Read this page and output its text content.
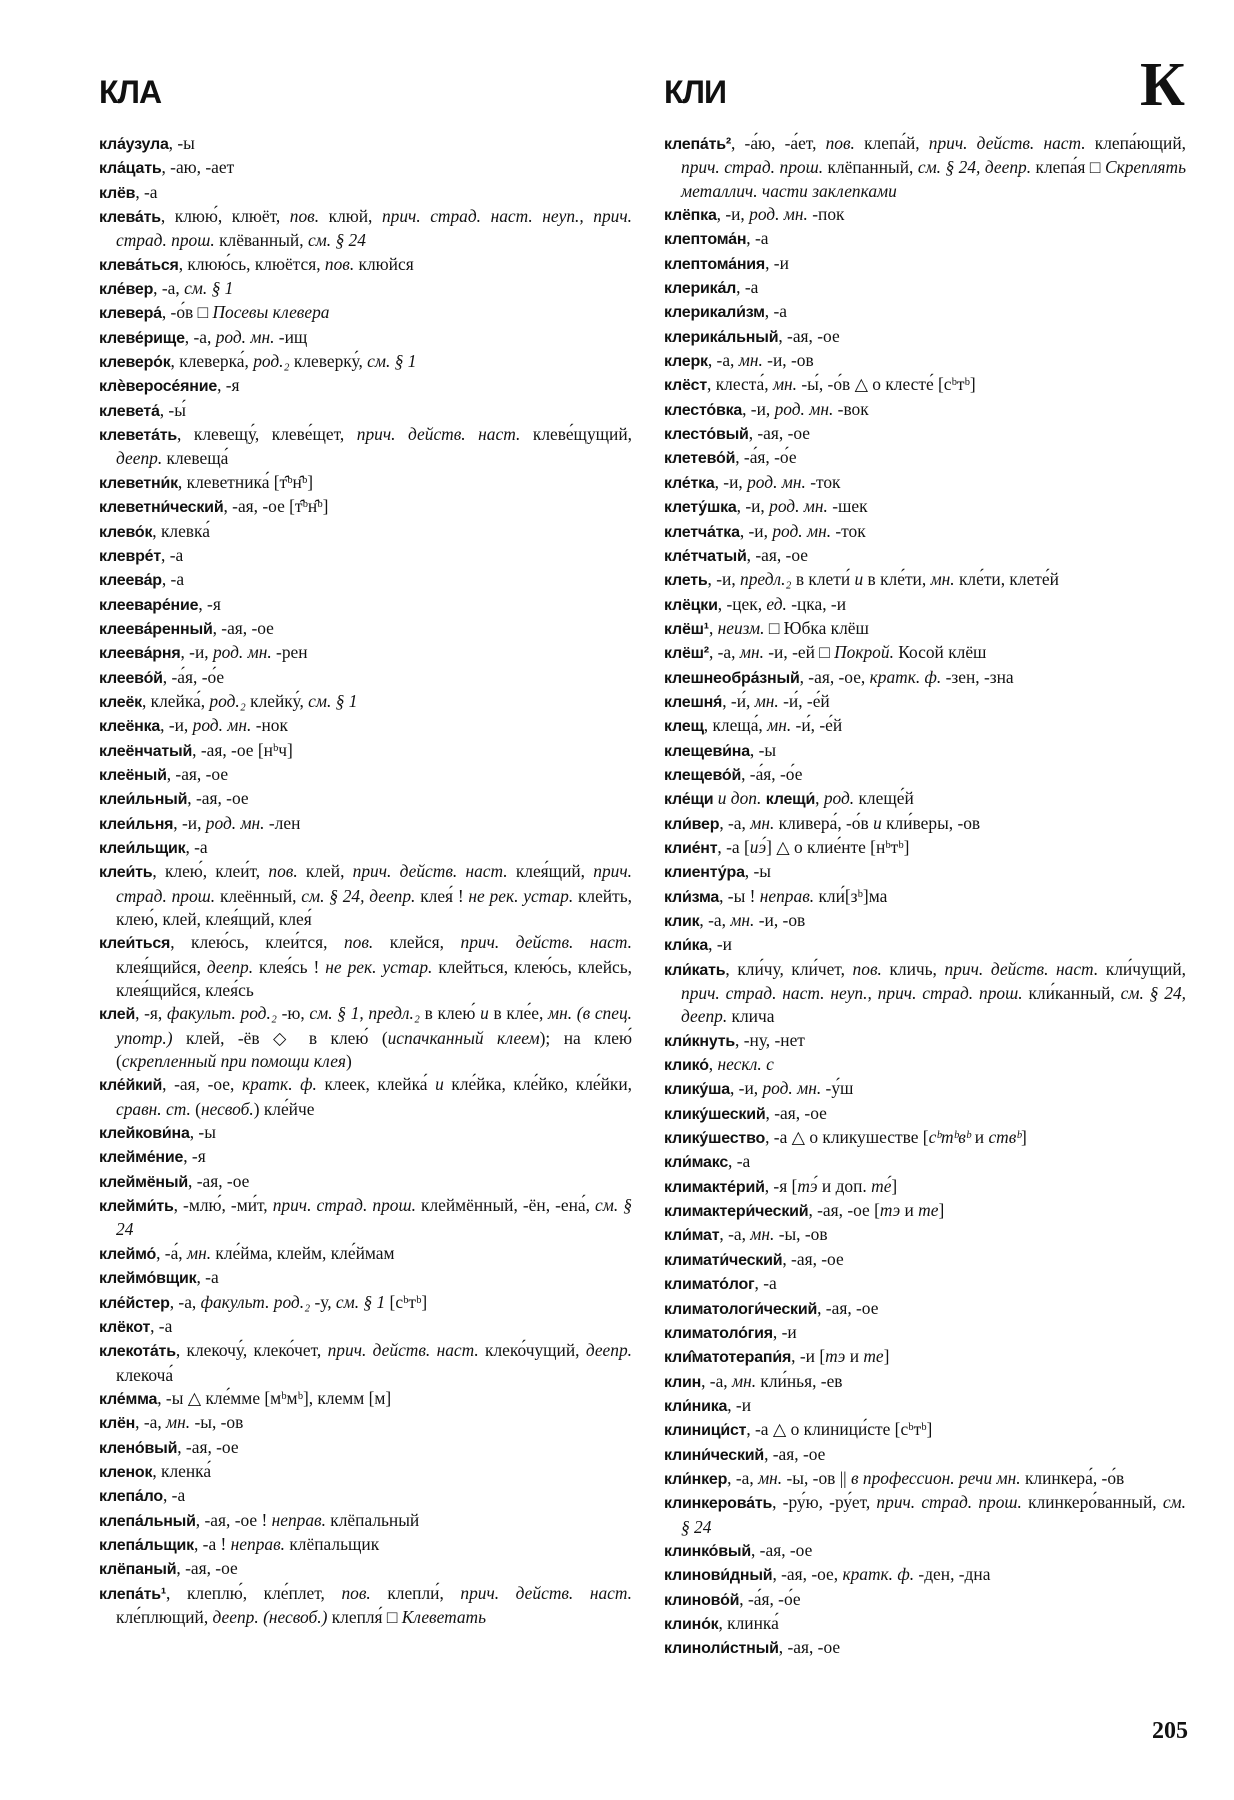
КЛА	КЛИ	К

кла́узула, -ы

кла́цать, -аю, -ает

клёв, -а

клева́ть, клюю́, клюёт, пов. клюй, прич. страд. наст. неуп., прич. страд. прош. клёванный, см. § 24

клева́ться, клюю́сь, клюётся, пов. клюйся

кле́вер, -а, см. § 1

клевера́, -о́в □ Посевы клевера

клеве́рище, -а, род. мн. -ищ

клеверо́к, клеверка́, род.₂ клеверку́, см. § 1

клѐверосе́яние, -я

клевета́, -ы́

клевета́ть, клевещу́, клеве́щет, прич. действ. наст. клеве́щущий, деепр. клевеща́

клеветни́к, клеветника́ [т̑ᵇн̑ᵇ]

клеветни́ческий, -ая, -ое [т̑ᵇн̑ᵇ]

клево́к, клевка́

клевре́т, -а

клеева́р, -а

клееваре́ние, -я

клеева́ренный, -ая, -ое

клеева́рня, -и, род. мн. -рен

клеево́й, -а́я, -о́е

клеёк, клейка́, род.₂ клейку́, см. § 1

клеёнка, -и, род. мн. -нок

клеёнчатый, -ая, -ое [нᵇч]

клеёный, -ая, -ое

клеи́льный, -ая, -ое

клеи́льня, -и, род. мн. -лен

клеи́льщик, -а

клеи́ть, клею́, клеи́т, пов. клей, прич. действ. наст. клея́щий, прич. страд. прош. клеённый, см. § 24, деепр. клея́ ! не рек. устар. клейть, клею́, клей, клея́щий, клея́

клеи́ться, клею́сь, клеи́тся, пов. клейся, прич. действ. наст. клея́щийся, деепр. клея́сь ! не рек. устар. клейться, клею́сь, клейсь, клея́щийся, клея́сь

клей, -я, факульт. род.₂ -ю, см. § 1, предл.₂ в клею́ и в кле́е, мн. (в спец. употр.) клей, -ёв ◇ в клею́ (испачканный клеем); на клею́ (скрепленный при помощи клея)

кле́йкий, -ая, -ое, кратк. ф. клеек, клейка́ и кле́йка, кле́йко, кле́йки, сравн. ст. (несвоб.) кле́йче

клейкови́на, -ы

клейме́ние, -я

клеймёный, -ая, -ое

клейми́ть, -млю́, -ми́т, прич. страд. прош. клеймённый, -ён, -ена́, см. § 24

клеймо́, -а́, мн. кле́йма, клейм, кле́ймам

клеймо́вщик, -а

кле́йстер, -а, факульт. род.₂ -у, см. § 1 [cᵇтᵇ]

клёкот, -а

клекота́ть, клекочу́, клеко́чет, прич. действ. наст. клеко́чущий, деепр. клекоча́

кле́мма, -ы △ кле́мме [мᵇмᵇ], клемм [м]

клён, -а, мн. -ы, -ов

клено́вый, -ая, -ое

кленок, кленка́

клепа́ло, -а

клепа́льный, -ая, -ое ! неправ. клёпальный

клепа́льщик, -а ! неправ. клёпальщик

клёпаный, -ая, -ое

клепа́ть¹, клеплю́, кле́плет, пов. клепли́, прич. действ. наст. кле́плющий, деепр. (несвоб.) клепля́ □ Клеветать

клепа́ть², -а́ю, -а́ет, пов. клепа́й, прич. действ. наст. клепа́ющий, прич. страд. прош. клёпанный, см. § 24, деепр. клепа́я □ Скреплять металлич. части заклепками

клёпка, -и, род. мн. -пок

клептома́н, -а

клептома́ния, -и

клерика́л, -а

клерикали́зм, -а

клерика́льный, -ая, -ое

клерк, -а, мн. -и, -ов

клёст, клеста́, мн. -ы́, -о́в △ о клесте́ [cᵇтᵇ]

клесто́вка, -и, род. мн. -вок

клесто́вый, -ая, -ое

клетево́й, -а́я, -о́е

кле́тка, -и, род. мн. -ток

клету́шка, -и, род. мн. -шек

клетча́тка, -и, род. мн. -ток

кле́тчатый, -ая, -ое

клеть, -и, предл.₂ в клети́ и в кле́ти, мн. кле́ти, клете́й

клёцки, -цек, ед. -цка, -и

клёш¹, неизм. □ Юбка клёш

клёш², -а, мн. -и, -ей □ Покрой. Косой клёш

клешнеобра́зный, -ая, -ое, кратк. ф. -зен, -зна

клешня́, -и́, мн. -и́, -е́й

клещ, клеща́, мн. -и́, -е́й

клещеви́на, -ы

клещево́й, -а́я, -о́е

кле́щи и доп. клещи́, род. клеще́й

кли́вер, -а, мн. кливера́, -о́в и кли́веры, -ов

клие́нт, -а [иэ́] △ о клие́нте [нᵇтᵇ]

клиенту́ра, -ы

кли́зма, -ы ! неправ. кли́[зᵇ]ма

клик, -а, мн. -и, -ов

кли́ка, -и

кли́кать, кли́чу, кли́чет, пов. кличь, прич. действ. наст. кли́чущий, прич. страд. наст. неуп., прич. страд. прош. кли́канный, см. § 24, деепр. клича

кли́кнуть, -ну, -нет

клико́, нескл. с

клику́ша, -и, род. мн. -у́ш

клику́шеский, -ая, -ое

клику́шество, -а △ о кликушестве [cᵇтᵇвᵇ и ствᵇ]

кли́макс, -а

климакте́рий, -я [тэ́ и доп. те́]

климактери́ческий, -ая, -ое [тэ и те]

кли́мат, -а, мн. -ы, -ов

климати́ческий, -ая, -ое

климато́лог, -а

климатологи́ческий, -ая, -ое

климатоло́гия, -и

кли̂матотерапи́я, -и [тэ и те]

клин, -а, мн. кли́нья, -ев

кли́ника, -и

клиници́ст, -а △ о клиници́сте [cᵇтᵇ]

клини́ческий, -ая, -ое

кли́нкер, -а, мн. -ы, -ов || в профессион. речи мн. клинкера́, -о́в

клинкерова́ть, -ру́ю, -ру́ет, прич. страд. прош. клинкеро́ванный, см. § 24

клинко́вый, -ая, -ое

клинови́дный, -ая, -ое, кратк. ф. -ден, -дна

клиново́й, -а́я, -о́е

клино́к, клинка́

клиноли́стный, -ая, -ое

205
